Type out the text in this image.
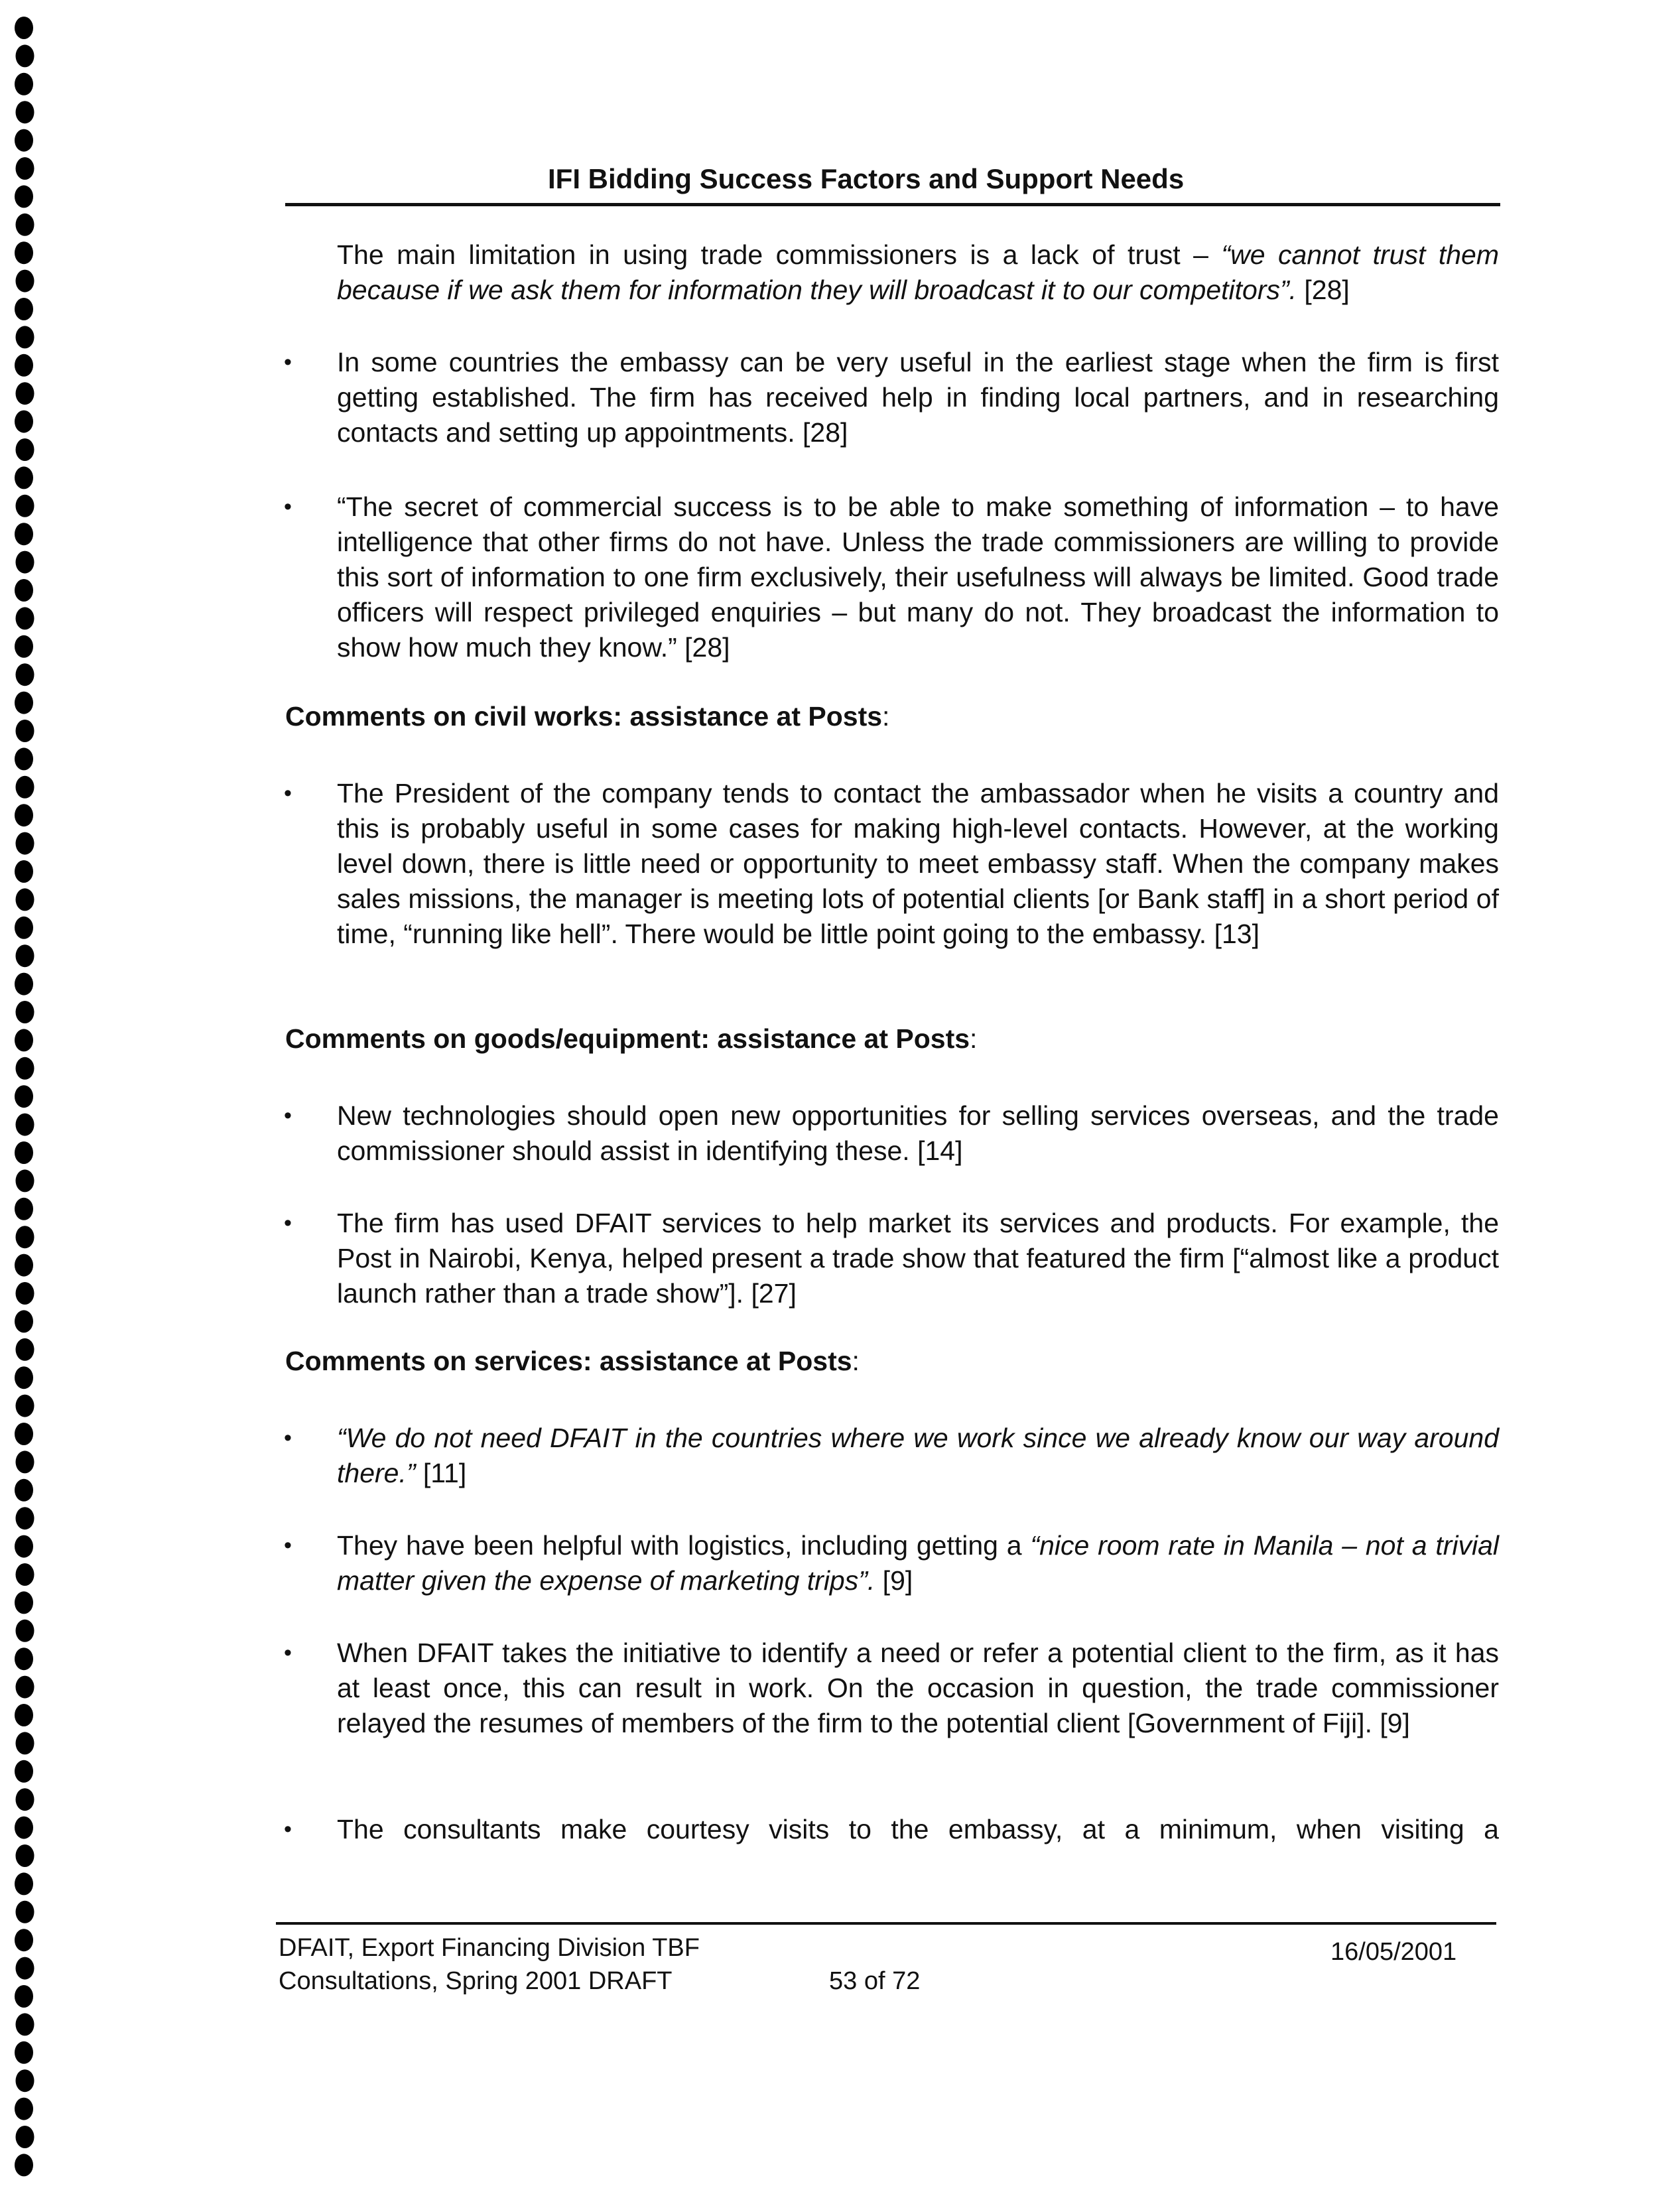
IFI Bidding Success Factors and Support Needs
The main limitation in using trade commissioners is a lack of trust – “we cannot trust them because if we ask them for information they will broadcast it to our competitors”. [28]
• In some countries the embassy can be very useful in the earliest stage when the firm is first getting established. The firm has received help in finding local partners, and in researching contacts and setting up appointments. [28]
• “The secret of commercial success is to be able to make something of information – to have intelligence that other firms do not have. Unless the trade commissioners are willing to provide this sort of information to one firm exclusively, their usefulness will always be limited. Good trade officers will respect privileged enquiries – but many do not. They broadcast the information to show how much they know.” [28]
Comments on civil works: assistance at Posts:
• The President of the company tends to contact the ambassador when he visits a country and this is probably useful in some cases for making high-level contacts. However, at the working level down, there is little need or opportunity to meet embassy staff. When the company makes sales missions, the manager is meeting lots of potential clients [or Bank staff] in a short period of time, “running like hell”. There would be little point going to the embassy. [13]
Comments on goods/equipment: assistance at Posts:
• New technologies should open new opportunities for selling services overseas, and the trade commissioner should assist in identifying these. [14]
• The firm has used DFAIT services to help market its services and products. For example, the Post in Nairobi, Kenya, helped present a trade show that featured the firm [“almost like a product launch rather than a trade show”]. [27]
Comments on services: assistance at Posts:
• “We do not need DFAIT in the countries where we work since we already know our way around there.” [11]
• They have been helpful with logistics, including getting a “nice room rate in Manila – not a trivial matter given the expense of marketing trips”. [9]
• When DFAIT takes the initiative to identify a need or refer a potential client to the firm, as it has at least once, this can result in work. On the occasion in question, the trade commissioner relayed the resumes of members of the firm to the potential client [Government of Fiji]. [9]
• The consultants make courtesy visits to the embassy, at a minimum, when visiting a
DFAIT, Export Financing Division TBF
Consultations, Spring 2001 DRAFT	53 of 72
16/05/2001
